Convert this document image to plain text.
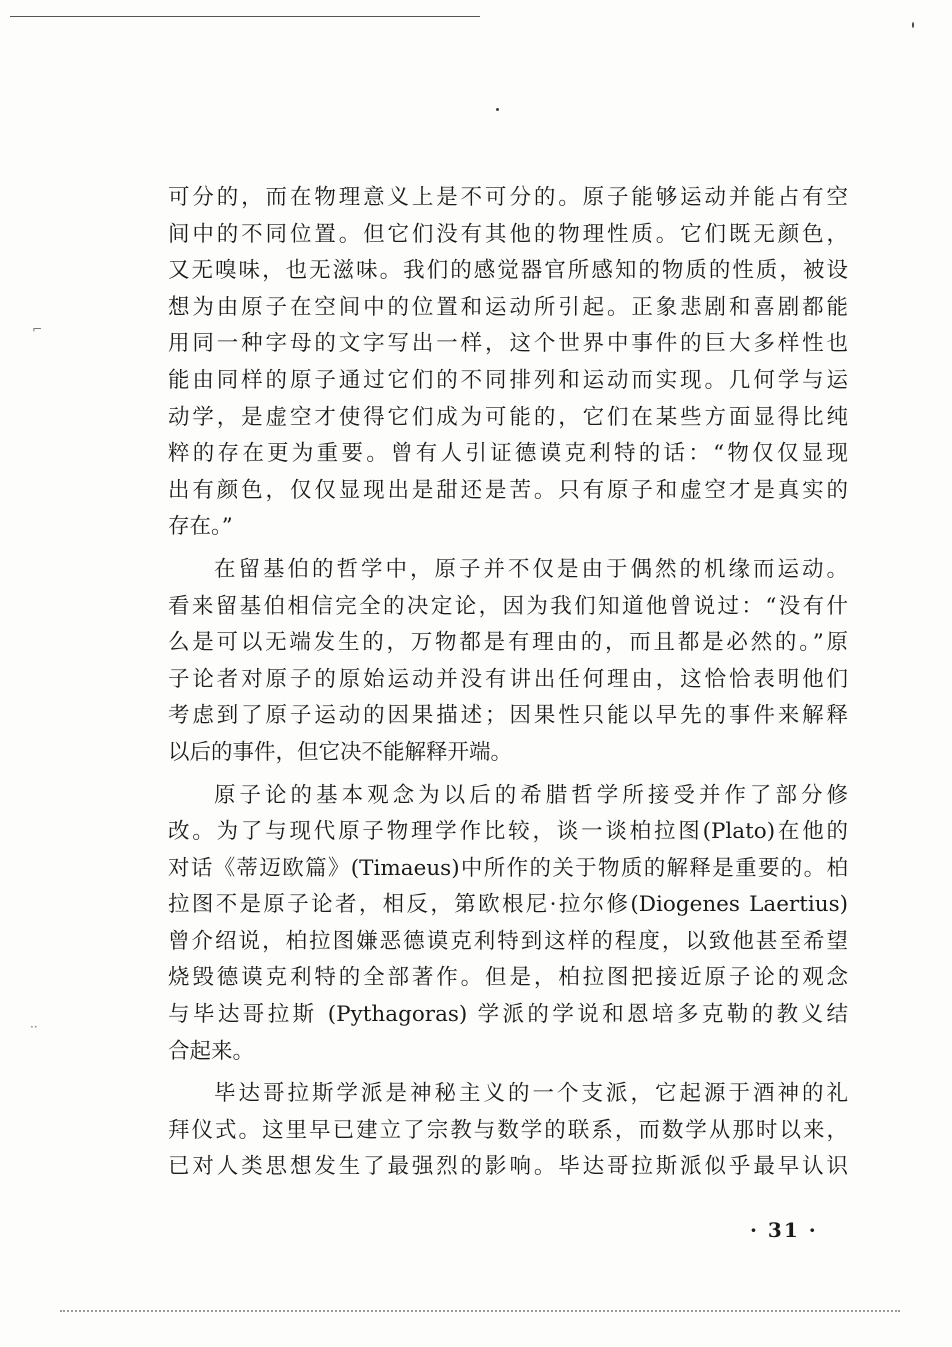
⌐
··
可分的，而在物理意义上是不可分的。原子能够运动并能占有空
间中的不同位置。但它们没有其他的物理性质。它们既无颜色，
又无嗅味，也无滋味。我们的感觉器官所感知的物质的性质，被设
想为由原子在空间中的位置和运动所引起。正象悲剧和喜剧都能
用同一种字母的文字写出一样，这个世界中事件的巨大多样性也
能由同样的原子通过它们的不同排列和运动而实现。几何学与运
动学，是虚空才使得它们成为可能的，它们在某些方面显得比纯
粹的存在更为重要。曾有人引证德谟克利特的话：“物仅仅显现
出有颜色，仅仅显现出是甜还是苦。只有原子和虚空才是真实的
存在。”
在留基伯的哲学中，原子并不仅是由于偶然的机缘而运动。
看来留基伯相信完全的决定论，因为我们知道他曾说过：“没有什
么是可以无端发生的，万物都是有理由的，而且都是必然的。”原
子论者对原子的原始运动并没有讲出任何理由，这恰恰表明他们
考虑到了原子运动的因果描述；因果性只能以早先的事件来解释
以后的事件，但它决不能解释开端。
原子论的基本观念为以后的希腊哲学所接受并作了部分修
改。为了与现代原子物理学作比较，谈一谈柏拉图(Plato)在他的
对话《蒂迈欧篇》(Timaeus)中所作的关于物质的解释是重要的。柏
拉图不是原子论者，相反，第欧根尼·拉尔修(Diogenes Laertius)
曾介绍说，柏拉图嫌恶德谟克利特到这样的程度，以致他甚至希望
烧毁德谟克利特的全部著作。但是，柏拉图把接近原子论的观念
与毕达哥拉斯 (Pythagoras) 学派的学说和恩培多克勒的教义结
合起来。
毕达哥拉斯学派是神秘主义的一个支派，它起源于酒神的礼
拜仪式。这里早已建立了宗教与数学的联系，而数学从那时以来，
已对人类思想发生了最强烈的影响。毕达哥拉斯派似乎最早认识
· 31 ·
